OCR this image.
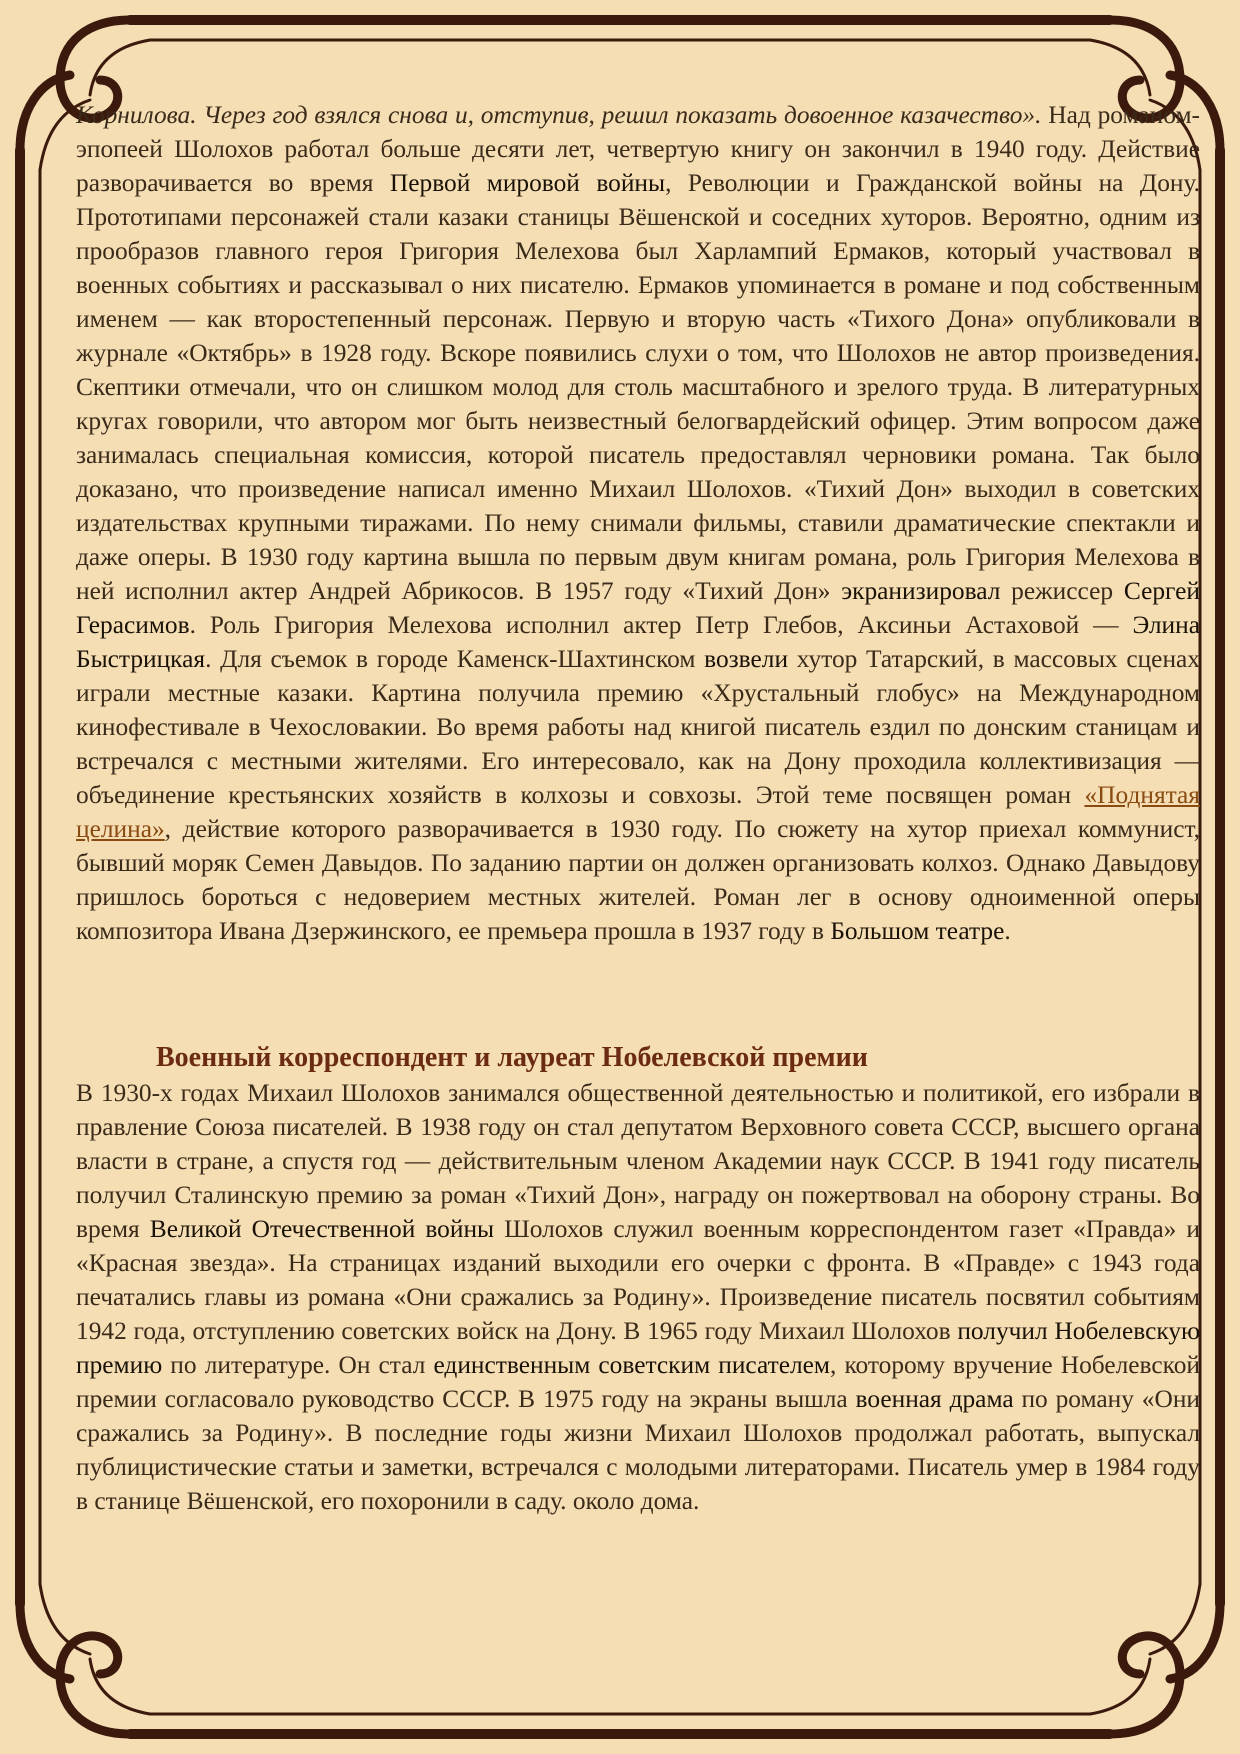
Корнилова. Через год взялся снова и, отступив, решил показать довоенное казачество». Над романом-эпопеей Шолохов работал больше десяти лет, четвертую книгу он закончил в 1940 году. Действие разворачивается во время Первой мировой войны, Революции и Гражданской войны на Дону. Прототипами персонажей стали казаки станицы Вёшенской и соседних хуторов. Вероятно, одним из прообразов главного героя Григория Мелехова был Харлампий Ермаков, который участвовал в военных событиях и рассказывал о них писателю. Ермаков упоминается в романе и под собственным именем — как второстепенный персонаж. Первую и вторую часть «Тихого Дона» опубликовали в журнале «Октябрь» в 1928 году. Вскоре появились слухи о том, что Шолохов не автор произведения. Скептики отмечали, что он слишком молод для столь масштабного и зрелого труда. В литературных кругах говорили, что автором мог быть неизвестный белогвардейский офицер. Этим вопросом даже занималась специальная комиссия, которой писатель предоставлял черновики романа. Так было доказано, что произведение написал именно Михаил Шолохов. «Тихий Дон» выходил в советских издательствах крупными тиражами. По нему снимали фильмы, ставили драматические спектакли и даже оперы. В 1930 году картина вышла по первым двум книгам романа, роль Григория Мелехова в ней исполнил актер Андрей Абрикосов. В 1957 году «Тихий Дон» экранизировал режиссер Сергей Герасимов. Роль Григория Мелехова исполнил актер Петр Глебов, Аксиньи Астаховой — Элина Быстрицкая. Для съемок в городе Каменск-Шахтинском возвели хутор Татарский, в массовых сценах играли местные казаки. Картина получила премию «Хрустальный глобус» на Международном кинофестивале в Чехословакии. Во время работы над книгой писатель ездил по донским станицам и встречался с местными жителями. Его интересовало, как на Дону проходила коллективизация — объединение крестьянских хозяйств в колхозы и совхозы. Этой теме посвящен роман «Поднятая целина», действие которого разворачивается в 1930 году. По сюжету на хутор приехал коммунист, бывший моряк Семен Давыдов. По заданию партии он должен организовать колхоз. Однако Давыдову пришлось бороться с недоверием местных жителей. Роман лег в основу одноименной оперы композитора Ивана Дзержинского, ее премьера прошла в 1937 году в Большом театре.

Военный корреспондент и лауреат Нобелевской премии

В 1930-х годах Михаил Шолохов занимался общественной деятельностью и политикой, его избрали в правление Союза писателей. В 1938 году он стал депутатом Верховного совета СССР, высшего органа власти в стране, а спустя год — действительным членом Академии наук СССР. В 1941 году писатель получил Сталинскую премию за роман «Тихий Дон», награду он пожертвовал на оборону страны. Во время Великой Отечественной войны Шолохов служил военным корреспондентом газет «Правда» и «Красная звезда». На страницах изданий выходили его очерки с фронта. В «Правде» с 1943 года печатались главы из романа «Они сражались за Родину». Произведение писатель посвятил событиям 1942 года, отступлению советских войск на Дону. В 1965 году Михаил Шолохов получил Нобелевскую премию по литературе. Он стал единственным советским писателем, которому вручение Нобелевской премии согласовало руководство СССР. В 1975 году на экраны вышла военная драма по роману «Они сражались за Родину». В последние годы жизни Михаил Шолохов продолжал работать, выпускал публицистические статьи и заметки, встречался с молодыми литераторами. Писатель умер в 1984 году в станице Вёшенской, его похоронили в саду. около дома.
